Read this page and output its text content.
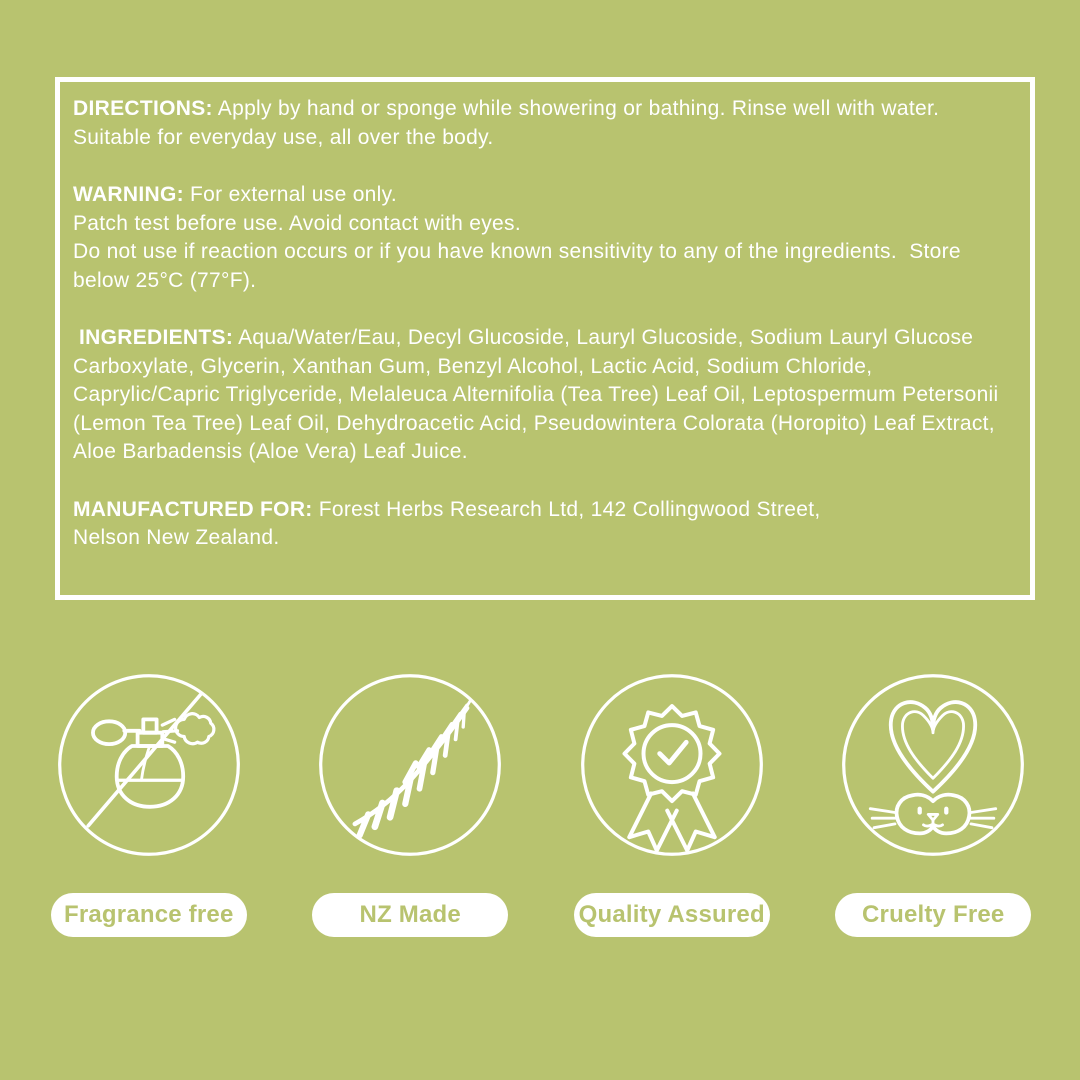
DIRECTIONS: Apply by hand or sponge while showering or bathing. Rinse well with water. Suitable for everyday use, all over the body.

WARNING: For external use only.
Patch test before use. Avoid contact with eyes.
Do not use if reaction occurs or if you have known sensitivity to any of the ingredients.  Store below 25°C (77°F).

INGREDIENTS: Aqua/Water/Eau, Decyl Glucoside, Lauryl Glucoside, Sodium Lauryl Glucose Carboxylate, Glycerin, Xanthan Gum, Benzyl Alcohol, Lactic Acid, Sodium Chloride, Caprylic/Capric Triglyceride, Melaleuca Alternifolia (Tea Tree) Leaf Oil, Leptospermum Petersonii (Lemon Tea Tree) Leaf Oil, Dehydroacetic Acid, Pseudowintera Colorata (Horopito) Leaf Extract, Aloe Barbadensis (Aloe Vera) Leaf Juice.

MANUFACTURED FOR: Forest Herbs Research Ltd, 142 Collingwood Street,
Nelson New Zealand.

Fragrance free	NZ Made	Quality Assured	Cruelty Free
